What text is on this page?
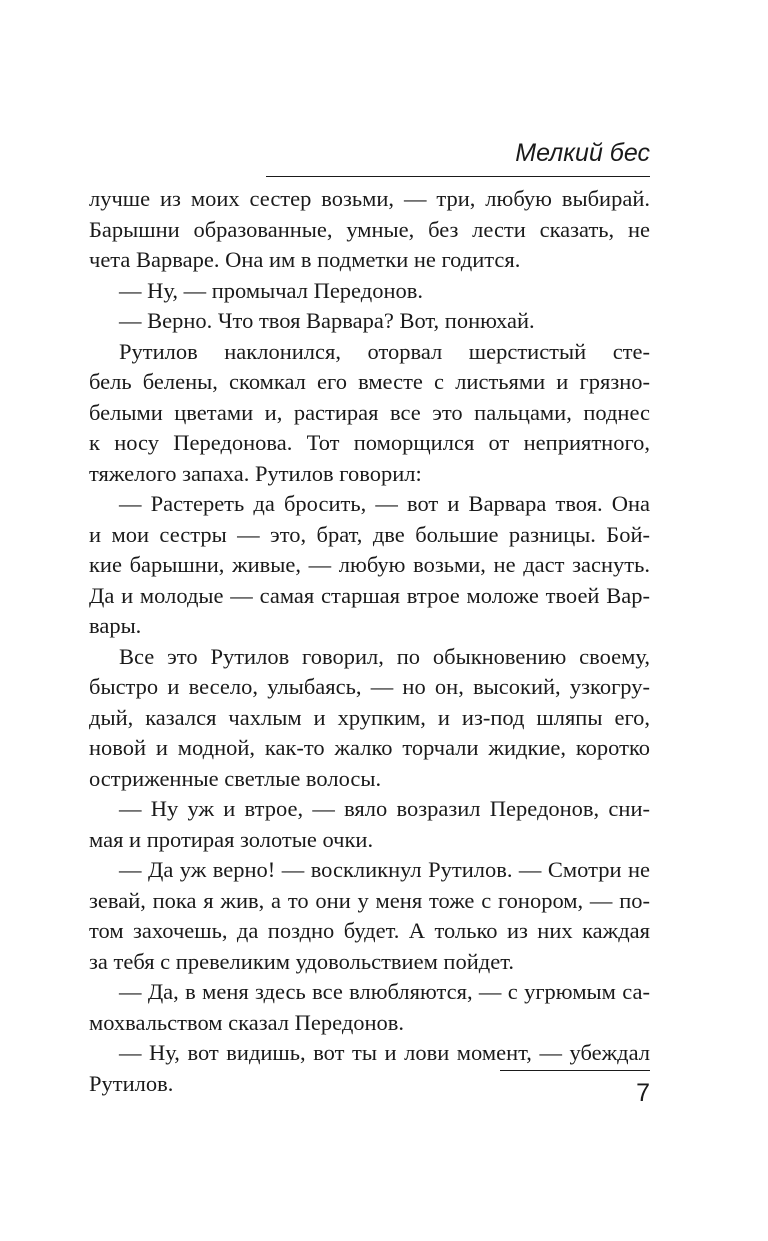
Мелкий бес
лучше из моих сестер возьми, — три, любую выбирай.
Барышни образованные, умные, без лести сказать, не
чета Варваре. Она им в подметки не годится.
— Ну, — промычал Передонов.
— Верно. Что твоя Варвара? Вот, понюхай.
Рутилов наклонился, оторвал шерстистый сте-
бель белены, скомкал его вместе с листьями и грязно-
белыми цветами и, растирая все это пальцами, поднес
к носу Передонова. Тот поморщился от неприятного,
тяжелого запаха. Рутилов говорил:
— Растереть да бросить, — вот и Варвара твоя. Она
и мои сестры — это, брат, две большие разницы. Бой-
кие барышни, живые, — любую возьми, не даст заснуть.
Да и молодые — самая старшая втрое моложе твоей Вар-
вары.
Все это Рутилов говорил, по обыкновению своему,
быстро и весело, улыбаясь, — но он, высокий, узкогру-
дый, казался чахлым и хрупким, и из-под шляпы его,
новой и модной, как-то жалко торчали жидкие, коротко
остриженные светлые волосы.
— Ну уж и втрое, — вяло возразил Передонов, сни-
мая и протирая золотые очки.
— Да уж верно! — воскликнул Рутилов. — Смотри не
зевай, пока я жив, а то они у меня тоже с гонором, — по-
том захочешь, да поздно будет. А только из них каждая
за тебя с превеликим удовольствием пойдет.
— Да, в меня здесь все влюбляются, — с угрюмым са-
мохвальством сказал Передонов.
— Ну, вот видишь, вот ты и лови момент, — убеждал
Рутилов.	7
